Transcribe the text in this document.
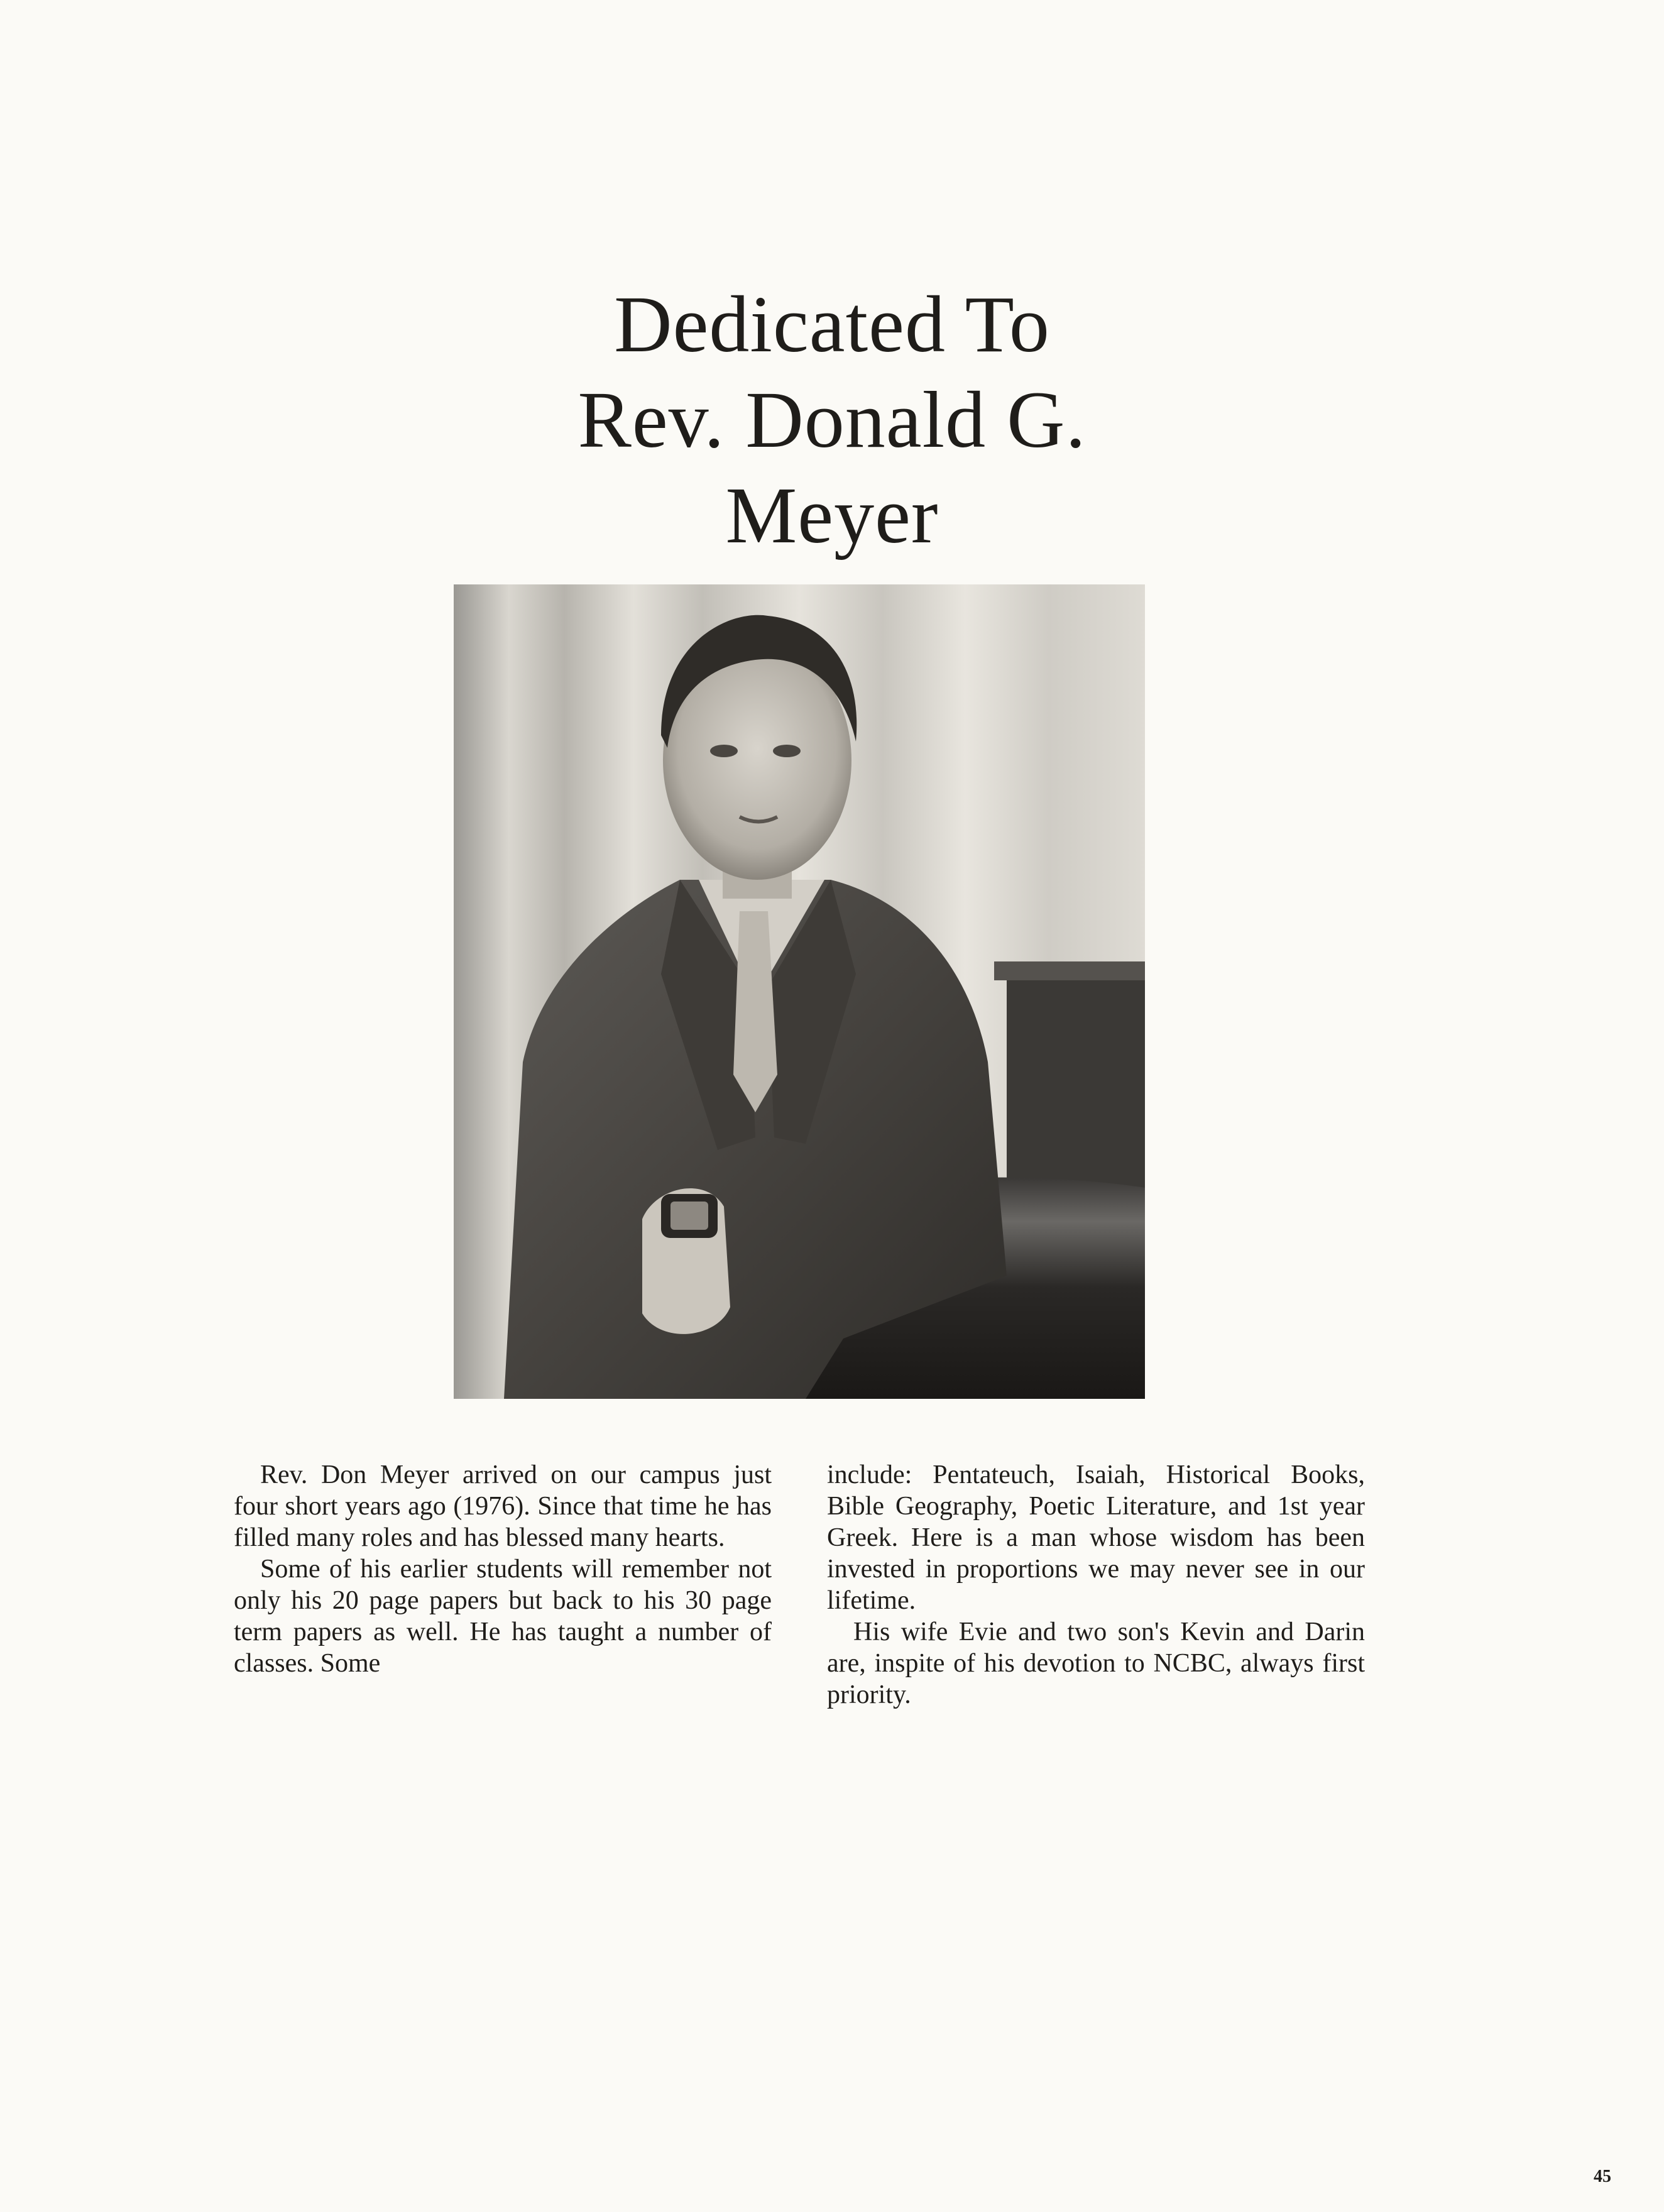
Dedicated To
Rev. Donald G.
Meyer

Rev. Don Meyer arrived on our campus just four short years ago (1976). Since that time he has filled many roles and has blessed many hearts.

Some of his earlier students will remember not only his 20 page papers but back to his 30 page term papers as well. He has taught a number of classes. Some

include: Pentateuch, Isaiah, Historical Books, Bible Geography, Poetic Literature, and 1st year Greek. Here is a man whose wisdom has been invested in proportions we may never see in our lifetime.

His wife Evie and two son's Kevin and Darin are, inspite of his devotion to NCBC, always first priority.

45
